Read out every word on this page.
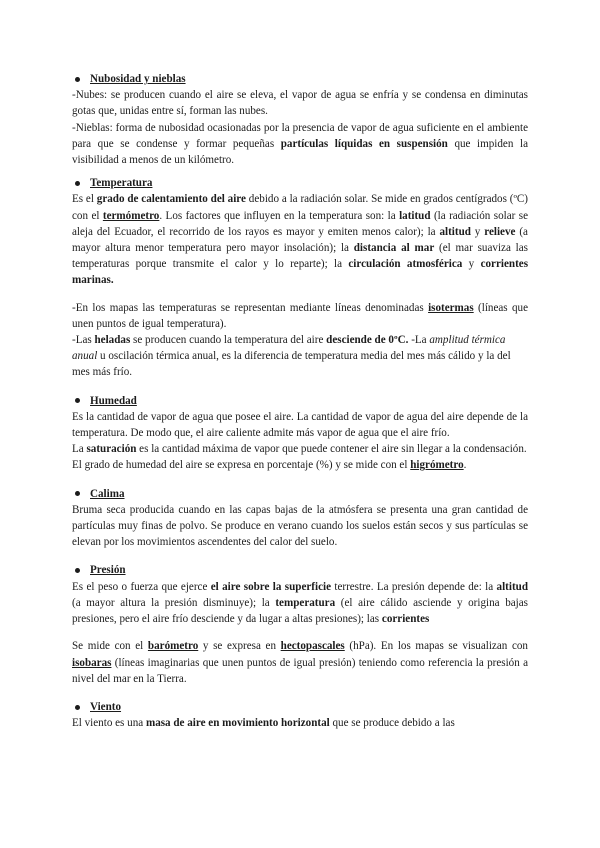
Nubosidad y nieblas

-Nubes: se producen cuando el aire se eleva, el vapor de agua se enfría y se condensa en diminutas gotas que, unidas entre sí, forman las nubes.

-Nieblas: forma de nubosidad ocasionadas por la presencia de vapor de agua suficiente en el ambiente para que se condense y formar pequeñas partículas líquidas en suspensión que impiden la visibilidad a menos de un kilómetro.

Temperatura

Es el grado de calentamiento del aire debido a la radiación solar. Se mide en grados centígrados (ºC) con el termómetro. Los factores que influyen en la temperatura son: la latitud (la radiación solar se aleja del Ecuador, el recorrido de los rayos es mayor y emiten menos calor); la altitud y relieve (a mayor altura menor temperatura pero mayor insolación); la distancia al mar (el mar suaviza las temperaturas porque transmite el calor y lo reparte); la circulación atmosférica y corrientes marinas.

-En los mapas las temperaturas se representan mediante líneas denominadas isotermas (líneas que unen puntos de igual temperatura).

-Las heladas se producen cuando la temperatura del aire desciende de 0ºC. -La amplitud térmica anual u oscilación térmica anual, es la diferencia de temperatura media del mes más cálido y la del mes más frío.

Humedad

Es la cantidad de vapor de agua que posee el aire. La cantidad de vapor de agua del aire depende de la temperatura. De modo que, el aire caliente admite más vapor de agua que el aire frío.

La saturación es la cantidad máxima de vapor que puede contener el aire sin llegar a la condensación.

El grado de humedad del aire se expresa en porcentaje (%) y se mide con el higrómetro.

Calima

Bruma seca producida cuando en las capas bajas de la atmósfera se presenta una gran cantidad de partículas muy finas de polvo. Se produce en verano cuando los suelos están secos y sus partículas se elevan por los movimientos ascendentes del calor del suelo.

Presión

Es el peso o fuerza que ejerce el aire sobre la superficie terrestre. La presión depende de: la altitud (a mayor altura la presión disminuye); la temperatura (el aire cálido asciende y origina bajas presiones, pero el aire frío desciende y da lugar a altas presiones); las corrientes

Se mide con el barómetro y se expresa en hectopascales (hPa). En los mapas se visualizan con isobaras (líneas imaginarias que unen puntos de igual presión) teniendo como referencia la presión a nivel del mar en la Tierra.

Viento

El viento es una masa de aire en movimiento horizontal que se produce debido a las
